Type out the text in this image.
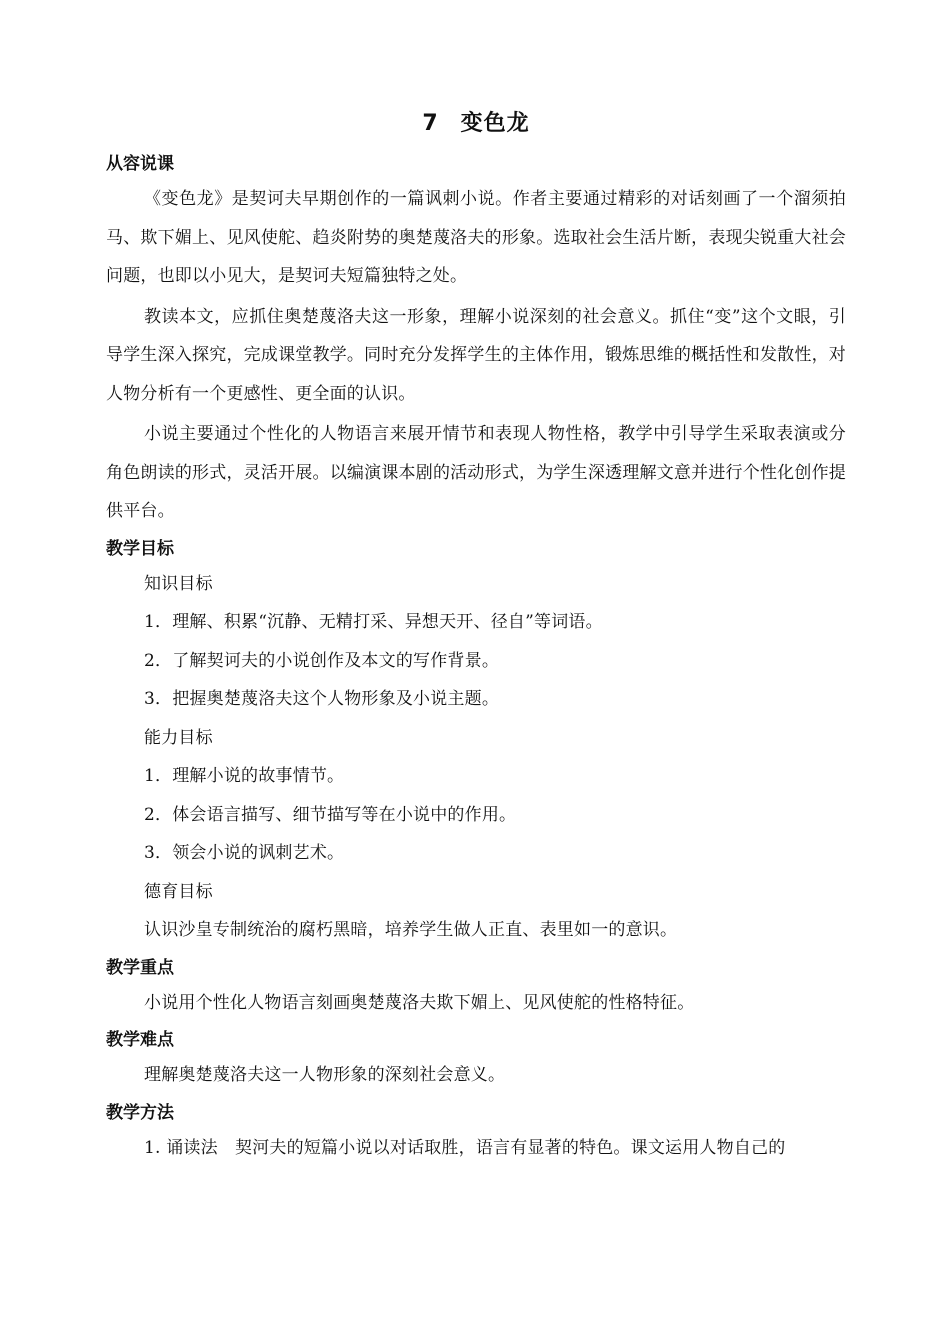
7 变色龙
从容说课

《变色龙》是契诃夫早期创作的一篇讽刺小说。作者主要通过精彩的对话刻画了一个溜须拍马、欺下媚上、见风使舵、趋炎附势的奥楚蔑洛夫的形象。选取社会生活片断，表现尖锐重大社会问题，也即以小见大，是契诃夫短篇独特之处。

教读本文，应抓住奥楚蔑洛夫这一形象，理解小说深刻的社会意义。抓住“变”这个文眼，引导学生深入探究，完成课堂教学。同时充分发挥学生的主体作用，锻炼思维的概括性和发散性，对人物分析有一个更感性、更全面的认识。

小说主要通过个性化的人物语言来展开情节和表现人物性格，教学中引导学生采取表演或分角色朗读的形式，灵活开展。以编演课本剧的活动形式，为学生深透理解文意并进行个性化创作提供平台。

教学目标
知识目标
1．理解、积累“沉静、无精打采、异想天开、径自”等词语。
2．了解契诃夫的小说创作及本文的写作背景。
3．把握奥楚蔑洛夫这个人物形象及小说主题。
能力目标
1．理解小说的故事情节。
2．体会语言描写、细节描写等在小说中的作用。
3．领会小说的讽刺艺术。
德育目标
认识沙皇专制统治的腐朽黑暗，培养学生做人正直、表里如一的意识。
教学重点
小说用个性化人物语言刻画奥楚蔑洛夫欺下媚上、见风使舵的性格特征。
教学难点
理解奥楚蔑洛夫这一人物形象的深刻社会意义。
教学方法
1. 诵读法　契河夫的短篇小说以对话取胜，语言有显著的特色。课文运用人物自己的
